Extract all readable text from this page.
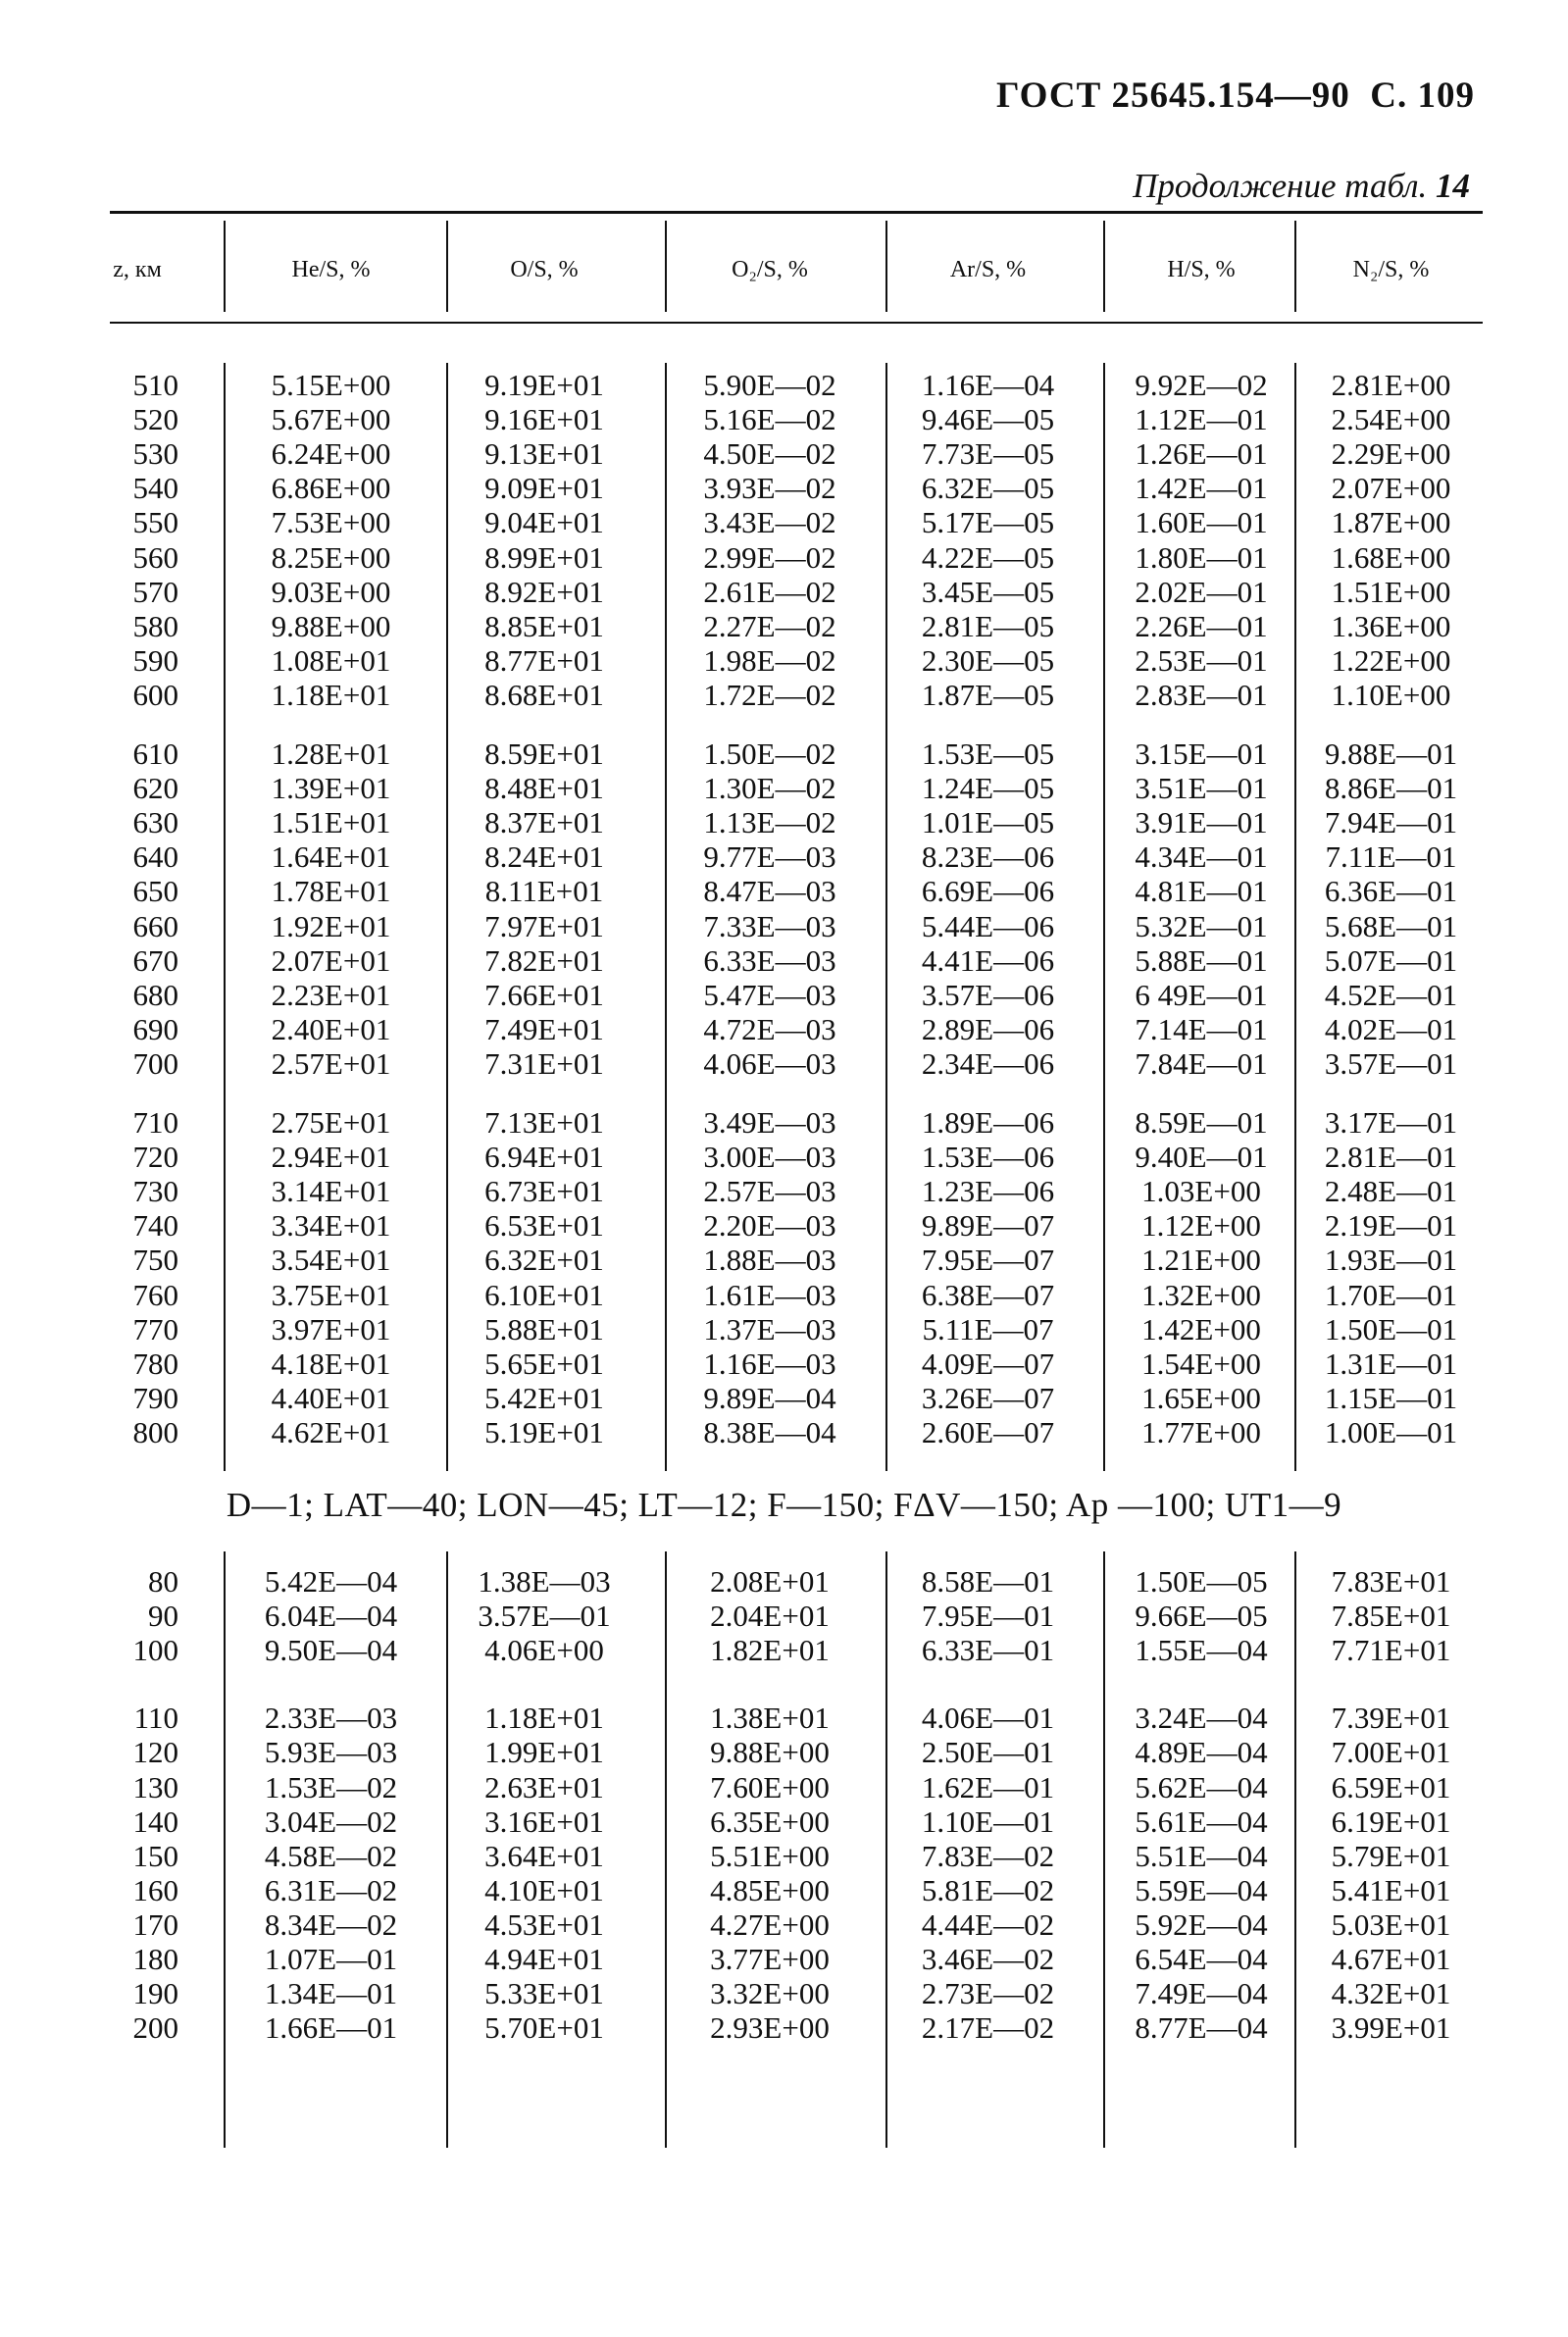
ГОСТ 25645.154—90 С. 109
Продолжение табл. 14
z, км	He/S, %	O/S, %	O₂/S, %	Ar/S, %	H/S, %	N₂/S, %
510	5.15E+00	9.19E+01	5.90E—02	1.16E—04	9.92E—02	2.81E+00
520	5.67E+00	9.16E+01	5.16E—02	9.46E—05	1.12E—01	2.54E+00
530	6.24E+00	9.13E+01	4.50E—02	7.73E—05	1.26E—01	2.29E+00
540	6.86E+00	9.09E+01	3.93E—02	6.32E—05	1.42E—01	2.07E+00
550	7.53E+00	9.04E+01	3.43E—02	5.17E—05	1.60E—01	1.87E+00
560	8.25E+00	8.99E+01	2.99E—02	4.22E—05	1.80E—01	1.68E+00
570	9.03E+00	8.92E+01	2.61E—02	3.45E—05	2.02E—01	1.51E+00
580	9.88E+00	8.85E+01	2.27E—02	2.81E—05	2.26E—01	1.36E+00
590	1.08E+01	8.77E+01	1.98E—02	2.30E—05	2.53E—01	1.22E+00
600	1.18E+01	8.68E+01	1.72E—02	1.87E—05	2.83E—01	1.10E+00
610	1.28E+01	8.59E+01	1.50E—02	1.53E—05	3.15E—01	9.88E—01
620	1.39E+01	8.48E+01	1.30E—02	1.24E—05	3.51E—01	8.86E—01
630	1.51E+01	8.37E+01	1.13E—02	1.01E—05	3.91E—01	7.94E—01
640	1.64E+01	8.24E+01	9.77E—03	8.23E—06	4.34E—01	7.11E—01
650	1.78E+01	8.11E+01	8.47E—03	6.69E—06	4.81E—01	6.36E—01
660	1.92E+01	7.97E+01	7.33E—03	5.44E—06	5.32E—01	5.68E—01
670	2.07E+01	7.82E+01	6.33E—03	4.41E—06	5.88E—01	5.07E—01
680	2.23E+01	7.66E+01	5.47E—03	3.57E—06	6 49E—01	4.52E—01
690	2.40E+01	7.49E+01	4.72E—03	2.89E—06	7.14E—01	4.02E—01
700	2.57E+01	7.31E+01	4.06E—03	2.34E—06	7.84E—01	3.57E—01
710	2.75E+01	7.13E+01	3.49E—03	1.89E—06	8.59E—01	3.17E—01
720	2.94E+01	6.94E+01	3.00E—03	1.53E—06	9.40E—01	2.81E—01
730	3.14E+01	6.73E+01	2.57E—03	1.23E—06	1.03E+00	2.48E—01
740	3.34E+01	6.53E+01	2.20E—03	9.89E—07	1.12E+00	2.19E—01
750	3.54E+01	6.32E+01	1.88E—03	7.95E—07	1.21E+00	1.93E—01
760	3.75E+01	6.10E+01	1.61E—03	6.38E—07	1.32E+00	1.70E—01
770	3.97E+01	5.88E+01	1.37E—03	5.11E—07	1.42E+00	1.50E—01
780	4.18E+01	5.65E+01	1.16E—03	4.09E—07	1.54E+00	1.31E—01
790	4.40E+01	5.42E+01	9.89E—04	3.26E—07	1.65E+00	1.15E—01
800	4.62E+01	5.19E+01	8.38E—04	2.60E—07	1.77E+00	1.00E—01
80	5.42E—04	1.38E—03	2.08E+01	8.58E—01	1.50E—05	7.83E+01
90	6.04E—04	3.57E—01	2.04E+01	7.95E—01	9.66E—05	7.85E+01
100	9.50E—04	4.06E+00	1.82E+01	6.33E—01	1.55E—04	7.71E+01
110	2.33E—03	1.18E+01	1.38E+01	4.06E—01	3.24E—04	7.39E+01
120	5.93E—03	1.99E+01	9.88E+00	2.50E—01	4.89E—04	7.00E+01
130	1.53E—02	2.63E+01	7.60E+00	1.62E—01	5.62E—04	6.59E+01
140	3.04E—02	3.16E+01	6.35E+00	1.10E—01	5.61E—04	6.19E+01
150	4.58E—02	3.64E+01	5.51E+00	7.83E—02	5.51E—04	5.79E+01
160	6.31E—02	4.10E+01	4.85E+00	5.81E—02	5.59E—04	5.41E+01
170	8.34E—02	4.53E+01	4.27E+00	4.44E—02	5.92E—04	5.03E+01
180	1.07E—01	4.94E+01	3.77E+00	3.46E—02	6.54E—04	4.67E+01
190	1.34E—01	5.33E+01	3.32E+00	2.73E—02	7.49E—04	4.32E+01
200	1.66E—01	5.70E+01	2.93E+00	2.17E—02	8.77E—04	3.99E+01
D—1; LAT—40; LON—45; LT—12; F—150; FΔV—150; Ap —100; UT1—9
